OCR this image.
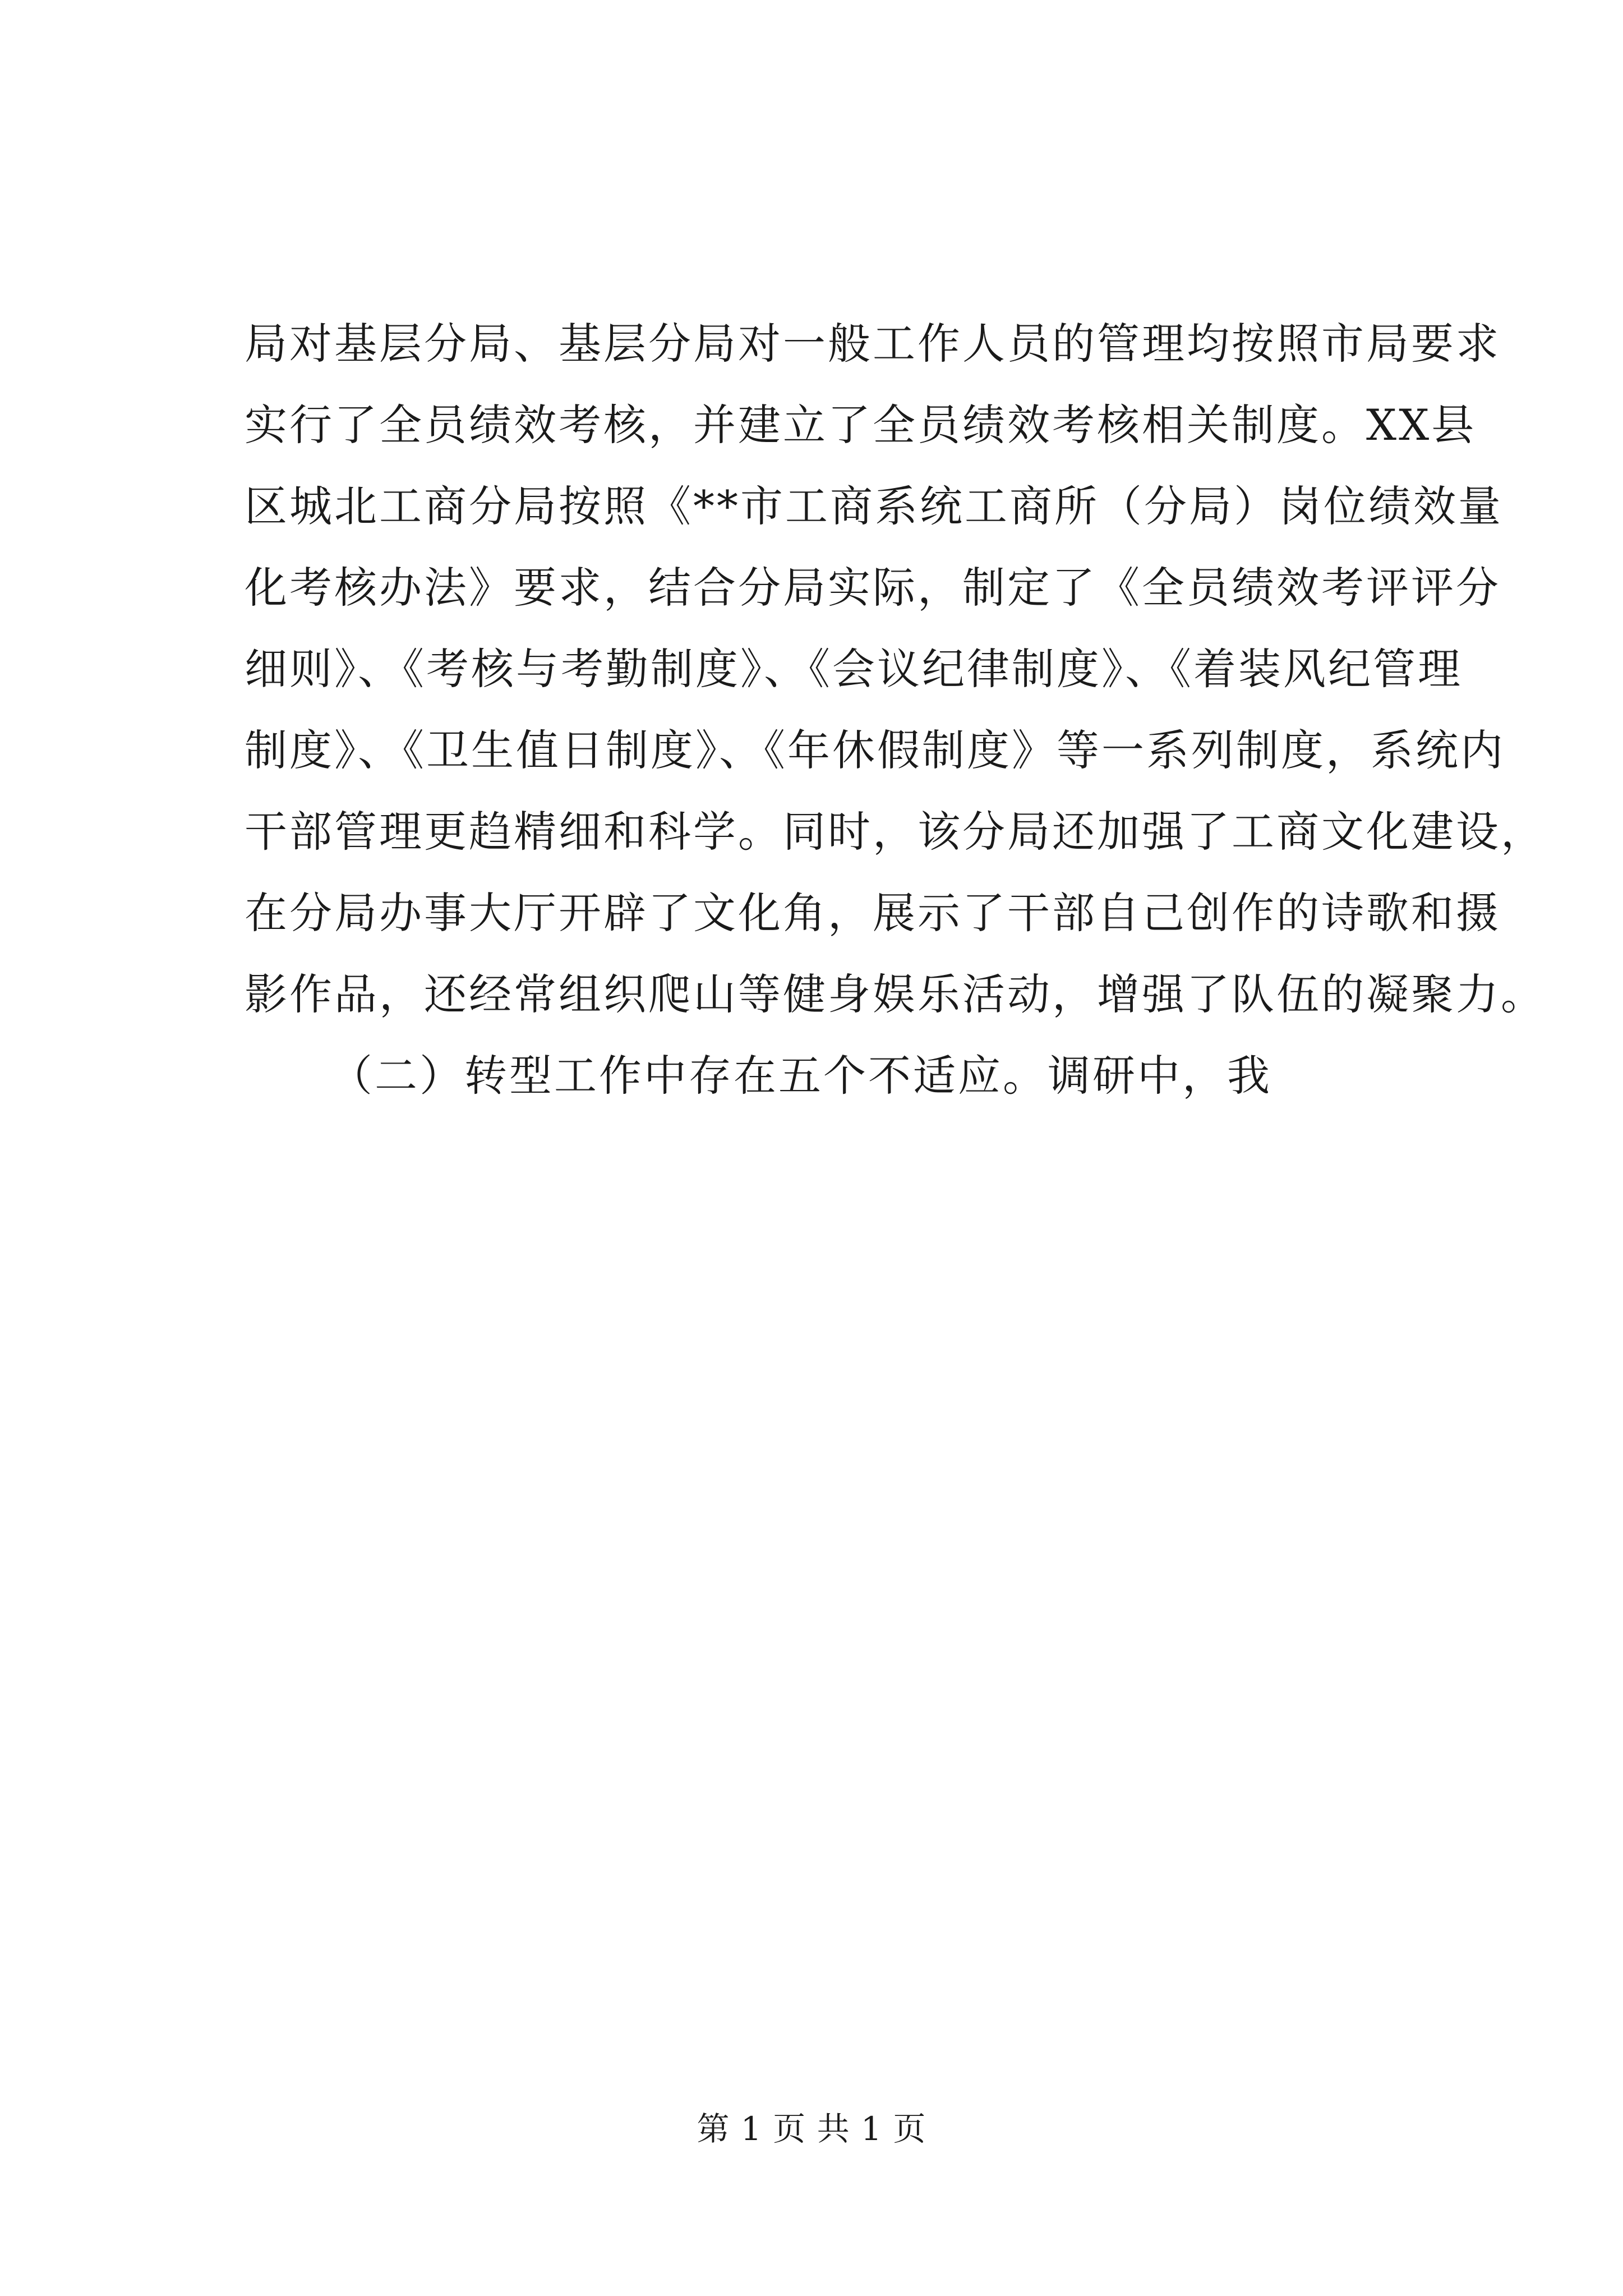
局对基层分局、基层分局对一般工作人员的管理均按照市局要求
实行了全员绩效考核，并建立了全员绩效考核相关制度。XX县
区城北工商分局按照《**市工商系统工商所（分局）岗位绩效量
化考核办法》要求，结合分局实际，制定了《全员绩效考评评分
细则》、《考核与考勤制度》、《会议纪律制度》、《着装风纪管理
制度》、《卫生值日制度》、《年休假制度》等一系列制度，系统内
干部管理更趋精细和科学。同时，该分局还加强了工商文化建设，
在分局办事大厅开辟了文化角，展示了干部自己创作的诗歌和摄
影作品，还经常组织爬山等健身娱乐活动，增强了队伍的凝聚力。
（二）转型工作中存在五个不适应。调研中，我
第 1 页 共 1 页
